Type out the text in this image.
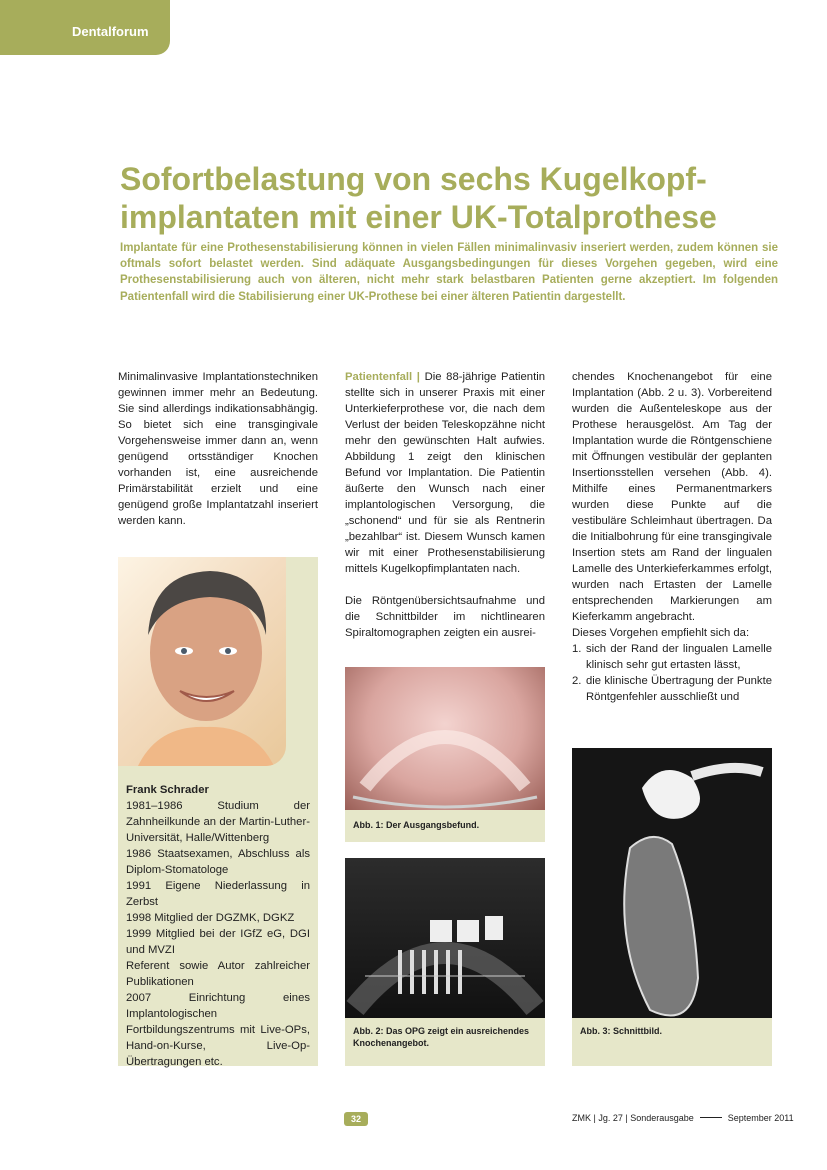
Dentalforum
Sofortbelastung von sechs Kugelkopf-implantaten mit einer UK-Totalprothese

Implantate für eine Prothesenstabilisierung können in vielen Fällen minimalinvasiv inseriert werden, zudem können sie oftmals sofort belastet werden. Sind adäquate Ausgangsbedingungen für dieses Vorgehen gegeben, wird eine Prothesenstabilisierung auch von älteren, nicht mehr stark belastbaren Patienten gerne akzeptiert. Im folgenden Patientenfall wird die Stabilisierung einer UK-Prothese bei einer älteren Patientin dargestellt.

Minimalinvasive Implantationstechniken gewinnen immer mehr an Bedeutung. Sie sind allerdings indikationsabhängig. So bietet sich eine transgingivale Vorgehensweise immer dann an, wenn genügend ortsständiger Knochen vorhanden ist, eine ausreichende Primärstabilität erzielt und eine genügend große Implantatzahl inseriert werden kann.

Frank Schrader

1981–1986 Studium der Zahnheilkunde an der Martin-Luther-Universität, Halle/Wittenberg

1986 Staatsexamen, Abschluss als Diplom-Stomatologe

1991 Eigene Niederlassung in Zerbst

1998 Mitglied der DGZMK, DGKZ

1999 Mitglied bei der IGfZ eG, DGI und MVZI

Referent sowie Autor zahlreicher Publikationen

2007 Einrichtung eines Implantologischen Fortbildungszentrums mit Live-OPs, Hand-on-Kurse, Live-Op-Übertragungen etc.

Patientenfall | Die 88-jährige Patientin stellte sich in unserer Praxis mit einer Unterkieferprothese vor, die nach dem Verlust der beiden Teleskopzähne nicht mehr den gewünschten Halt aufwies. Abbildung 1 zeigt den klinischen Befund vor Implantation. Die Patientin äußerte den Wunsch nach einer implantologischen Versorgung, die „schonend“ und für sie als Rentnerin „bezahlbar“ ist. Diesem Wunsch kamen wir mit einer Prothesenstabilisierung mittels Kugelkopfimplantaten nach.

Die Röntgenübersichtsaufnahme und die Schnittbilder im nichtlinearen Spiraltomographen zeigten ein ausrei-

Abb. 1: Der Ausgangsbefund.
Abb. 2: Das OPG zeigt ein ausreichendes Knochenangebot.

chendes Knochenangebot für eine Implantation (Abb. 2 u. 3). Vorbereitend wurden die Außenteleskope aus der Prothese herausgelöst. Am Tag der Implantation wurde die Röntgenschiene mit Öffnungen vestibulär der geplanten Insertionsstellen versehen (Abb. 4). Mithilfe eines Permanentmarkers wurden diese Punkte auf die vestibuläre Schleimhaut übertragen. Da die Initialbohrung für eine transgingivale Insertion stets am Rand der lingualen Lamelle des Unterkieferkammes erfolgt, wurden nach Ertasten der Lamelle entsprechenden Markierungen am Kieferkamm angebracht.

Dieses Vorgehen empfiehlt sich da:

1. sich der Rand der lingualen Lamelle klinisch sehr gut ertasten lässt,
2. die klinische Übertragung der Punkte Röntgenfehler ausschließt und
Abb. 3: Schnittbild.
32	ZMK | Jg. 27 | Sonderausgabe	September 2011
